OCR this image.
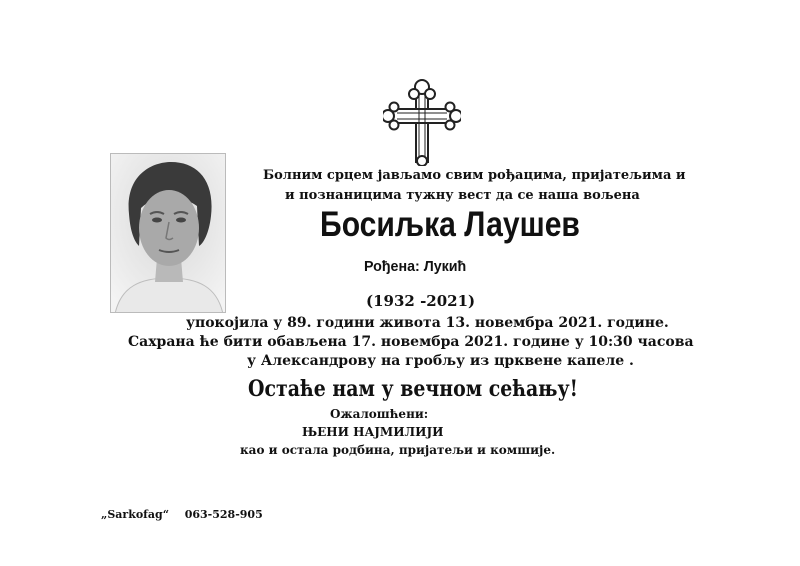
Болним срцем јављамо свим рођацима, пријатељима и
и познаницима тужну вест да се наша вољена
Босиљка Лаушев
Рођена: Лукић
(1932 -2021)
упокојила у 89. години живота 13. новембра 2021. године.
Сахрана ће бити обављена 17. новембра 2021. године у 10:30 часова
у Александрову на гробљу из црквене капеле .
Остаће нам у вечном сећању!
Ожалошћени:
ЊЕНИ НАЈМИЛИЈИ
као и остала родбина, пријатељи и комшије.
„Sarkofag“ 063-528-905
